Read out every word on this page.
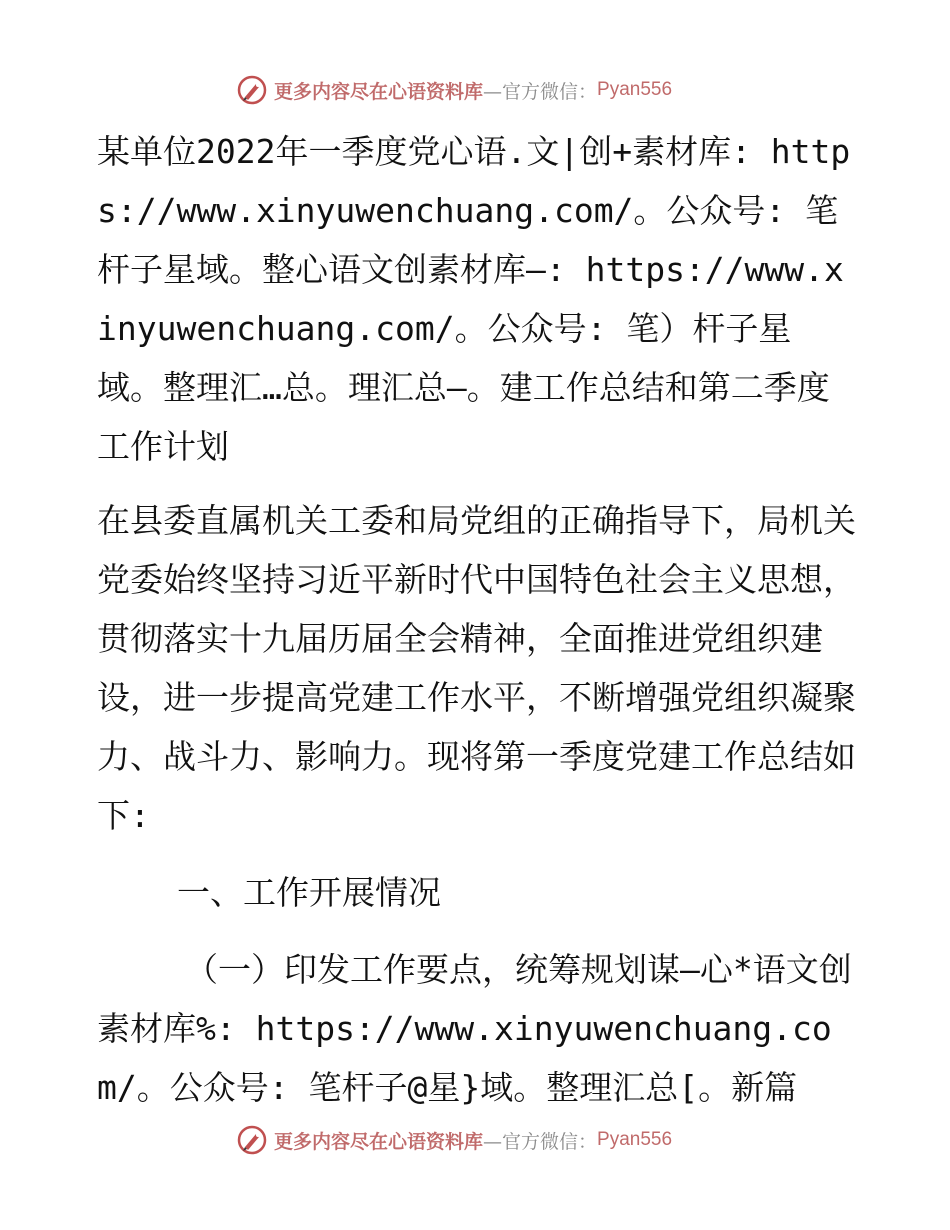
更多内容尽在心语资料库 —官方微信： Pyan556

某单位2022年一季度党心语.文|创+素材库: https://www.xinyuwenchuang.com/。公众号: 笔杆子星域。整心语文创素材库—: https://www.xinyuwenchuang.com/。公众号: 笔）杆子星域。整理汇…总。理汇总—。建工作总结和第二季度工作计划

在县委直属机关工委和局党组的正确指导下，局机关党委始终坚持习近平新时代中国特色社会主义思想，贯彻落实十九届历届全会精神，全面推进党组织建设，进一步提高党建工作水平，不断增强党组织凝聚力、战斗力、影响力。现将第一季度党建工作总结如下:

一、工作开展情况

（一）印发工作要点，统筹规划谋—心*语文创素材库%: https://www.xinyuwenchuang.com/。公众号: 笔杆子@星}域。整理汇总[。新篇

更多内容尽在心语资料库 —官方微信： Pyan556
